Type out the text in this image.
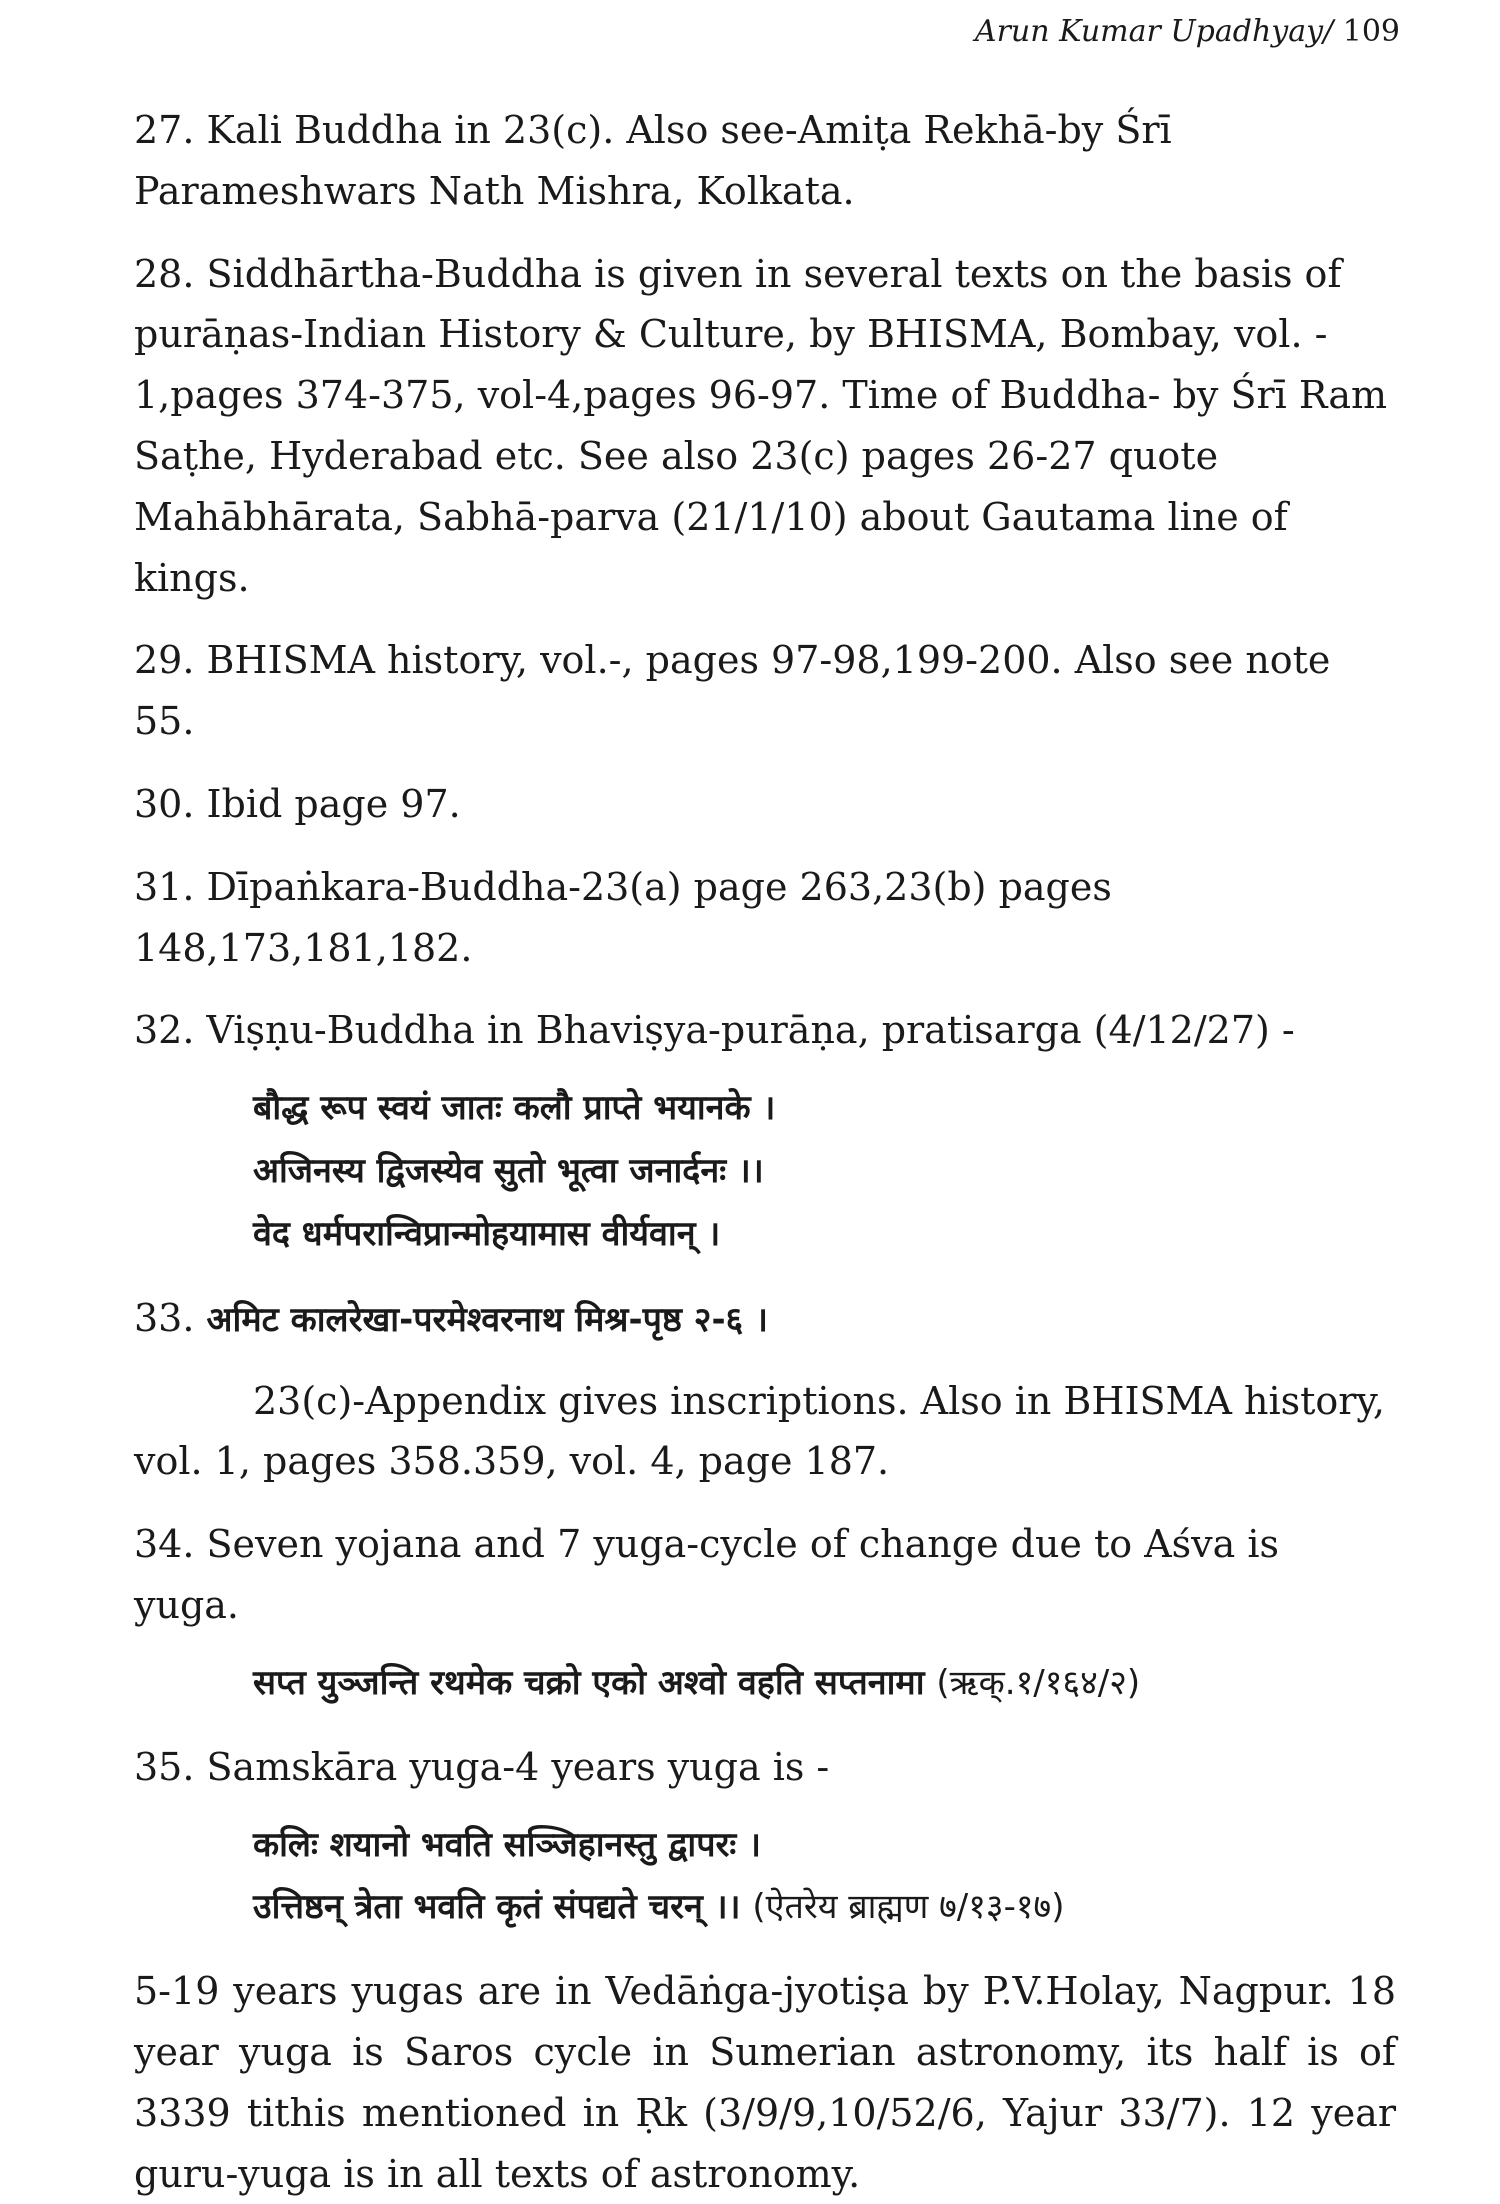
Arun Kumar Upadhyay/ 109

27. Kali Buddha in 23(c). Also see-Amiṭa Rekhā-by Śrī Parameshwars Nath Mishra, Kolkata.

28. Siddhārtha-Buddha is given in several texts on the basis of purāṇas-Indian History & Culture, by BHISMA, Bombay, vol. - 1,pages 374-375, vol-4,pages 96-97. Time of Buddha- by Śrī Ram Saṭhe, Hyderabad etc. See also 23(c) pages 26-27 quote Mahābhārata, Sabhā-parva (21/1/10) about Gautama line of kings.

29. BHISMA history, vol.-, pages 97-98,199-200. Also see note 55.

30. Ibid page 97.

31. Dīpaṅkara-Buddha-23(a) page 263,23(b) pages 148,173,181,182.

32. Viṣṇu-Buddha in Bhaviṣya-purāṇa, pratisarga (4/12/27) -

बौद्ध रूप स्वयं जातः कलौ प्राप्ते भयानके ।
अजिनस्य द्विजस्येव सुतो भूत्वा जनार्दनः ।।
वेद धर्मपरान्विप्रान्मोहयामास वीर्यवान् ।

33. अमिट कालरेखा-परमेश्वरनाथ मिश्र-पृष्ठ २-६ ।

23(c)-Appendix gives inscriptions. Also in BHISMA history, vol. 1, pages 358.359, vol. 4, page 187.

34. Seven yojana and 7 yuga-cycle of change due to Aśva is yuga.

सप्त युञ्जन्ति रथमेक चक्रो एको अश्वो वहति सप्तनामा (ऋक्.१/१६४/२)

35. Samskāra yuga-4 years yuga is -

कलिः शयानो भवति सञ्जिहानस्तु द्वापरः ।
उत्तिष्ठन् त्रेता भवति कृतं संपद्यते चरन् ।। (ऐतरेय ब्राह्मण ७/१३-१७)

5-19 years yugas are in Vedāṅga-jyotiṣa by P.V.Holay, Nagpur. 18 year yuga is Saros cycle in Sumerian astronomy, its half is of 3339 tithis mentioned in Ṛk (3/9/9,10/52/6, Yajur 33/7). 12 year guru-yuga is in all texts of astronomy.
